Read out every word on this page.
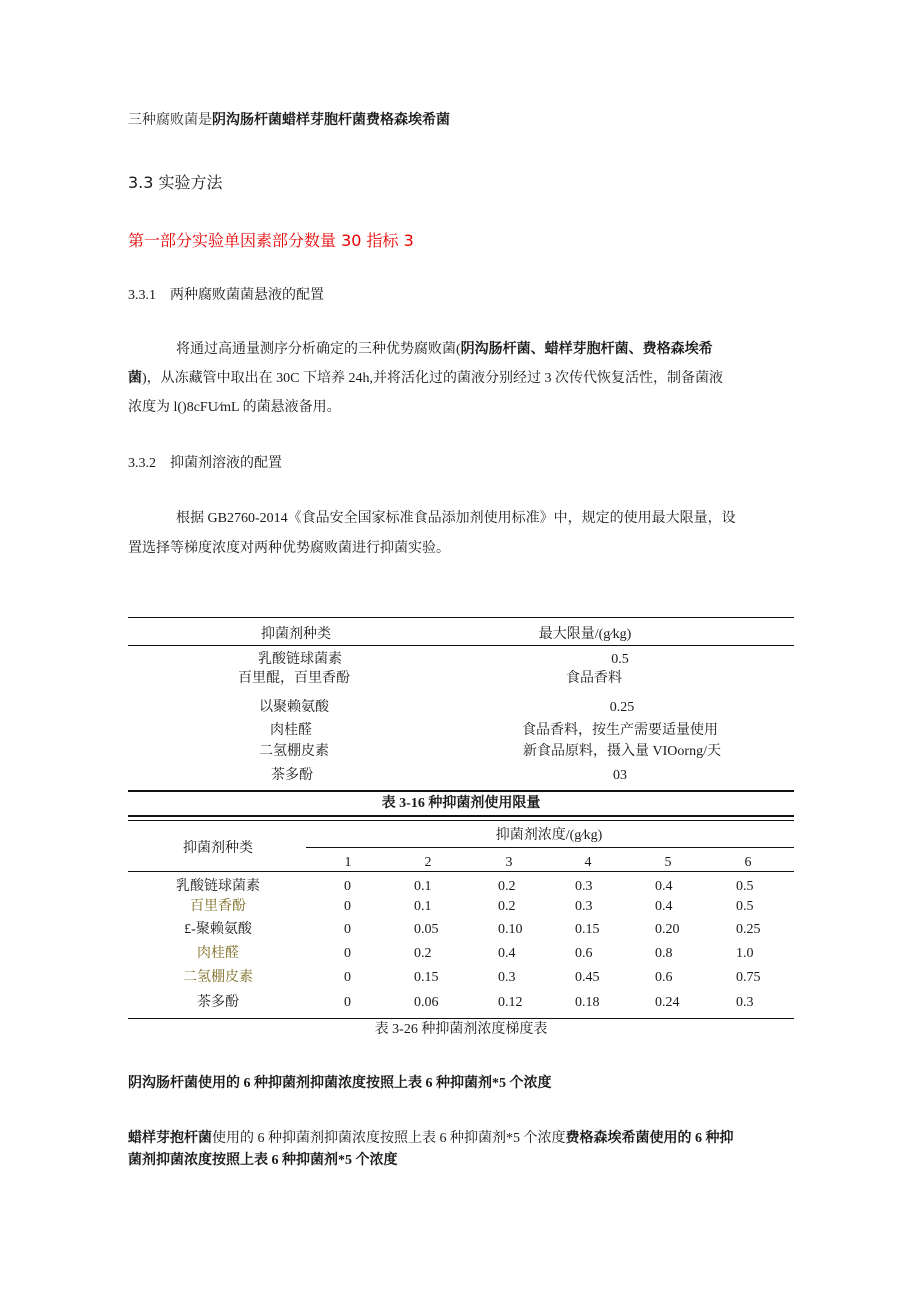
三种腐败菌是阴沟肠杆菌蜡样芽胞杆菌费格森埃希菌
3.3 实验方法
第一部分实验单因素部分数量 30 指标 3
3.3.1 两种腐败菌菌悬液的配置
将通过高通量测序分析确定的三种优势腐败菌(阴沟肠杆菌、蜡样芽胞杆菌、费格森埃希
菌)，从冻藏管中取出在 30C 下培养 24h,并将活化过的菌液分别经过 3 次传代恢复活性，制备菌液
浓度为 l()8cFU∕mL 的菌悬液备用。
3.3.2 抑菌剂溶液的配置
根据 GB2760-2014《食品安全国家标准食品添加剂使用标准》中，规定的使用最大限量，设
置选择等梯度浓度对两种优势腐败菌进行抑菌实验。
抑菌剂种类	最大限量/(g∕kg)
乳酸链球菌素	0.5
百里醌，百里香酚	食品香料
以聚赖氨酸	0.25
肉桂醛	食品香料，按生产需要适量使用
二氢棚皮素	新食品原料，摄入量 VIOorng/天
茶多酚	03
表 3-16 种抑菌剂使用限量
抑菌剂种类
抑菌剂浓度/(g∕kg)
1	2	3	4	5	6
乳酸链球菌素	0	0.1	0.2	0.3	0.4	0.5
百里香酚	0	0.1	0.2	0.3	0.4	0.5
£-聚赖氨酸	0	0.05	0.10	0.15	0.20	0.25
肉桂醛	0	0.2	0.4	0.6	0.8	1.0
二氢棚皮素	0	0.15	0.3	0.45	0.6	0.75
茶多酚	0	0.06	0.12	0.18	0.24	0.3
表 3-26 种抑菌剂浓度梯度表
阴沟肠杆菌使用的 6 种抑菌剂抑菌浓度按照上表 6 种抑菌剂*5 个浓度
蜡样芽抱杆菌使用的 6 种抑菌剂抑菌浓度按照上表 6 种抑菌剂*5 个浓度费格森埃希菌使用的 6 种抑
菌剂抑菌浓度按照上表 6 种抑菌剂*5 个浓度
